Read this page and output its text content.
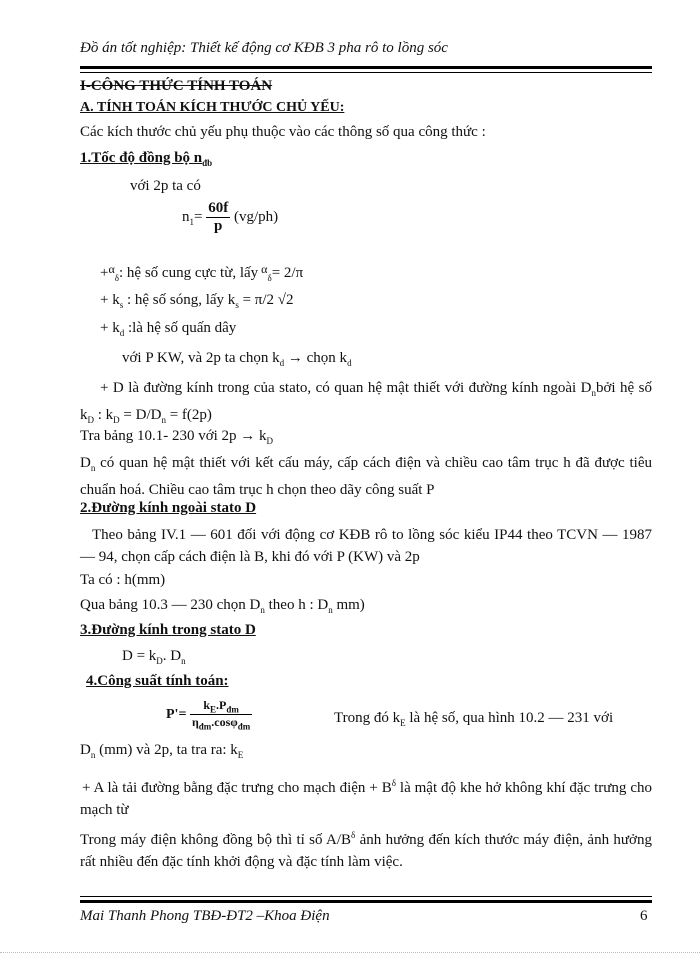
Đồ án tốt nghiệp: Thiết kế động cơ KĐB 3 pha rô to lồng sóc
I-CÔNG THỨC TÍNH TOÁN
A. TÍNH TOÁN KÍCH THƯỚC CHỦ YẾU:
Các kích thước chủ yếu phụ thuộc vào các thông số qua công thức :
1.Tốc độ đồng bộ $n_{đb}$
với 2p ta có
$n_1= \frac{60f}{p} (vg/ph)$
+$^\alpha_\delta$: hệ số cung cực từ, lấy $^\alpha_\delta$= 2/π
+ $k_s$ : hệ số sóng, lấy $k_s = \pi/2$ √2
+ $k_d$ :là hệ số quấn dây
với P KW, và 2p ta chọn $k_d$ → chọn $k_d$
+ D là đường kính trong của stato, có quan hệ mật thiết với đường kính ngoài $D_nbởi$ hệ số $k_D$ : $k_D = D/D_n = f(2p)$
Tra bảng 10.1- 230 với $2p \to k_D$
$D_n$ có quan hệ mật thiết với kết cấu máy, cấp cách điện và chiều cao tâm trục h đã được tiêu chuẩn hoá. Chiều cao tâm trục h chọn theo dãy công suất P
2.Đường kính ngoài stato D
Theo bảng IV.1 — 601 đối với động cơ KĐB rô to lồng sóc kiểu IP44 theo TCVN — 1987 — 94, chọn cấp cách điện là B, khi đó với P (KW) và 2p
Ta có : h(mm)
Qua bảng 10.3 — 230 chọn $D_n$ theo h : $D_n$ mm)
3.Đường kính trong stato D
$D = k_D$. $D_n$
4.Công suất tính toán:
$P'= \frac{k_E.P_{đm}}{\eta_{đm}.\cos\varphi_{đm}}$	Trong đó $k_E$ là hệ số, qua hình 10.2 — 231 với
$D_n$ (mm) và 2p, ta tra ra: $k_E$
+ A là tải đường bằng đặc trưng cho mạch điện + $B^\delta$ là mật độ khe hở không khí đặc trưng cho mạch từ
Trong máy điện không đồng bộ thì tỉ số $A/B^\delta$ ảnh hưởng đến kích thước máy điện, ảnh hưởng rất nhiều đến đặc tính khởi động và đặc tính làm việc.
Mai Thanh Phong TBĐ-ĐT2 –Khoa Điện	6
